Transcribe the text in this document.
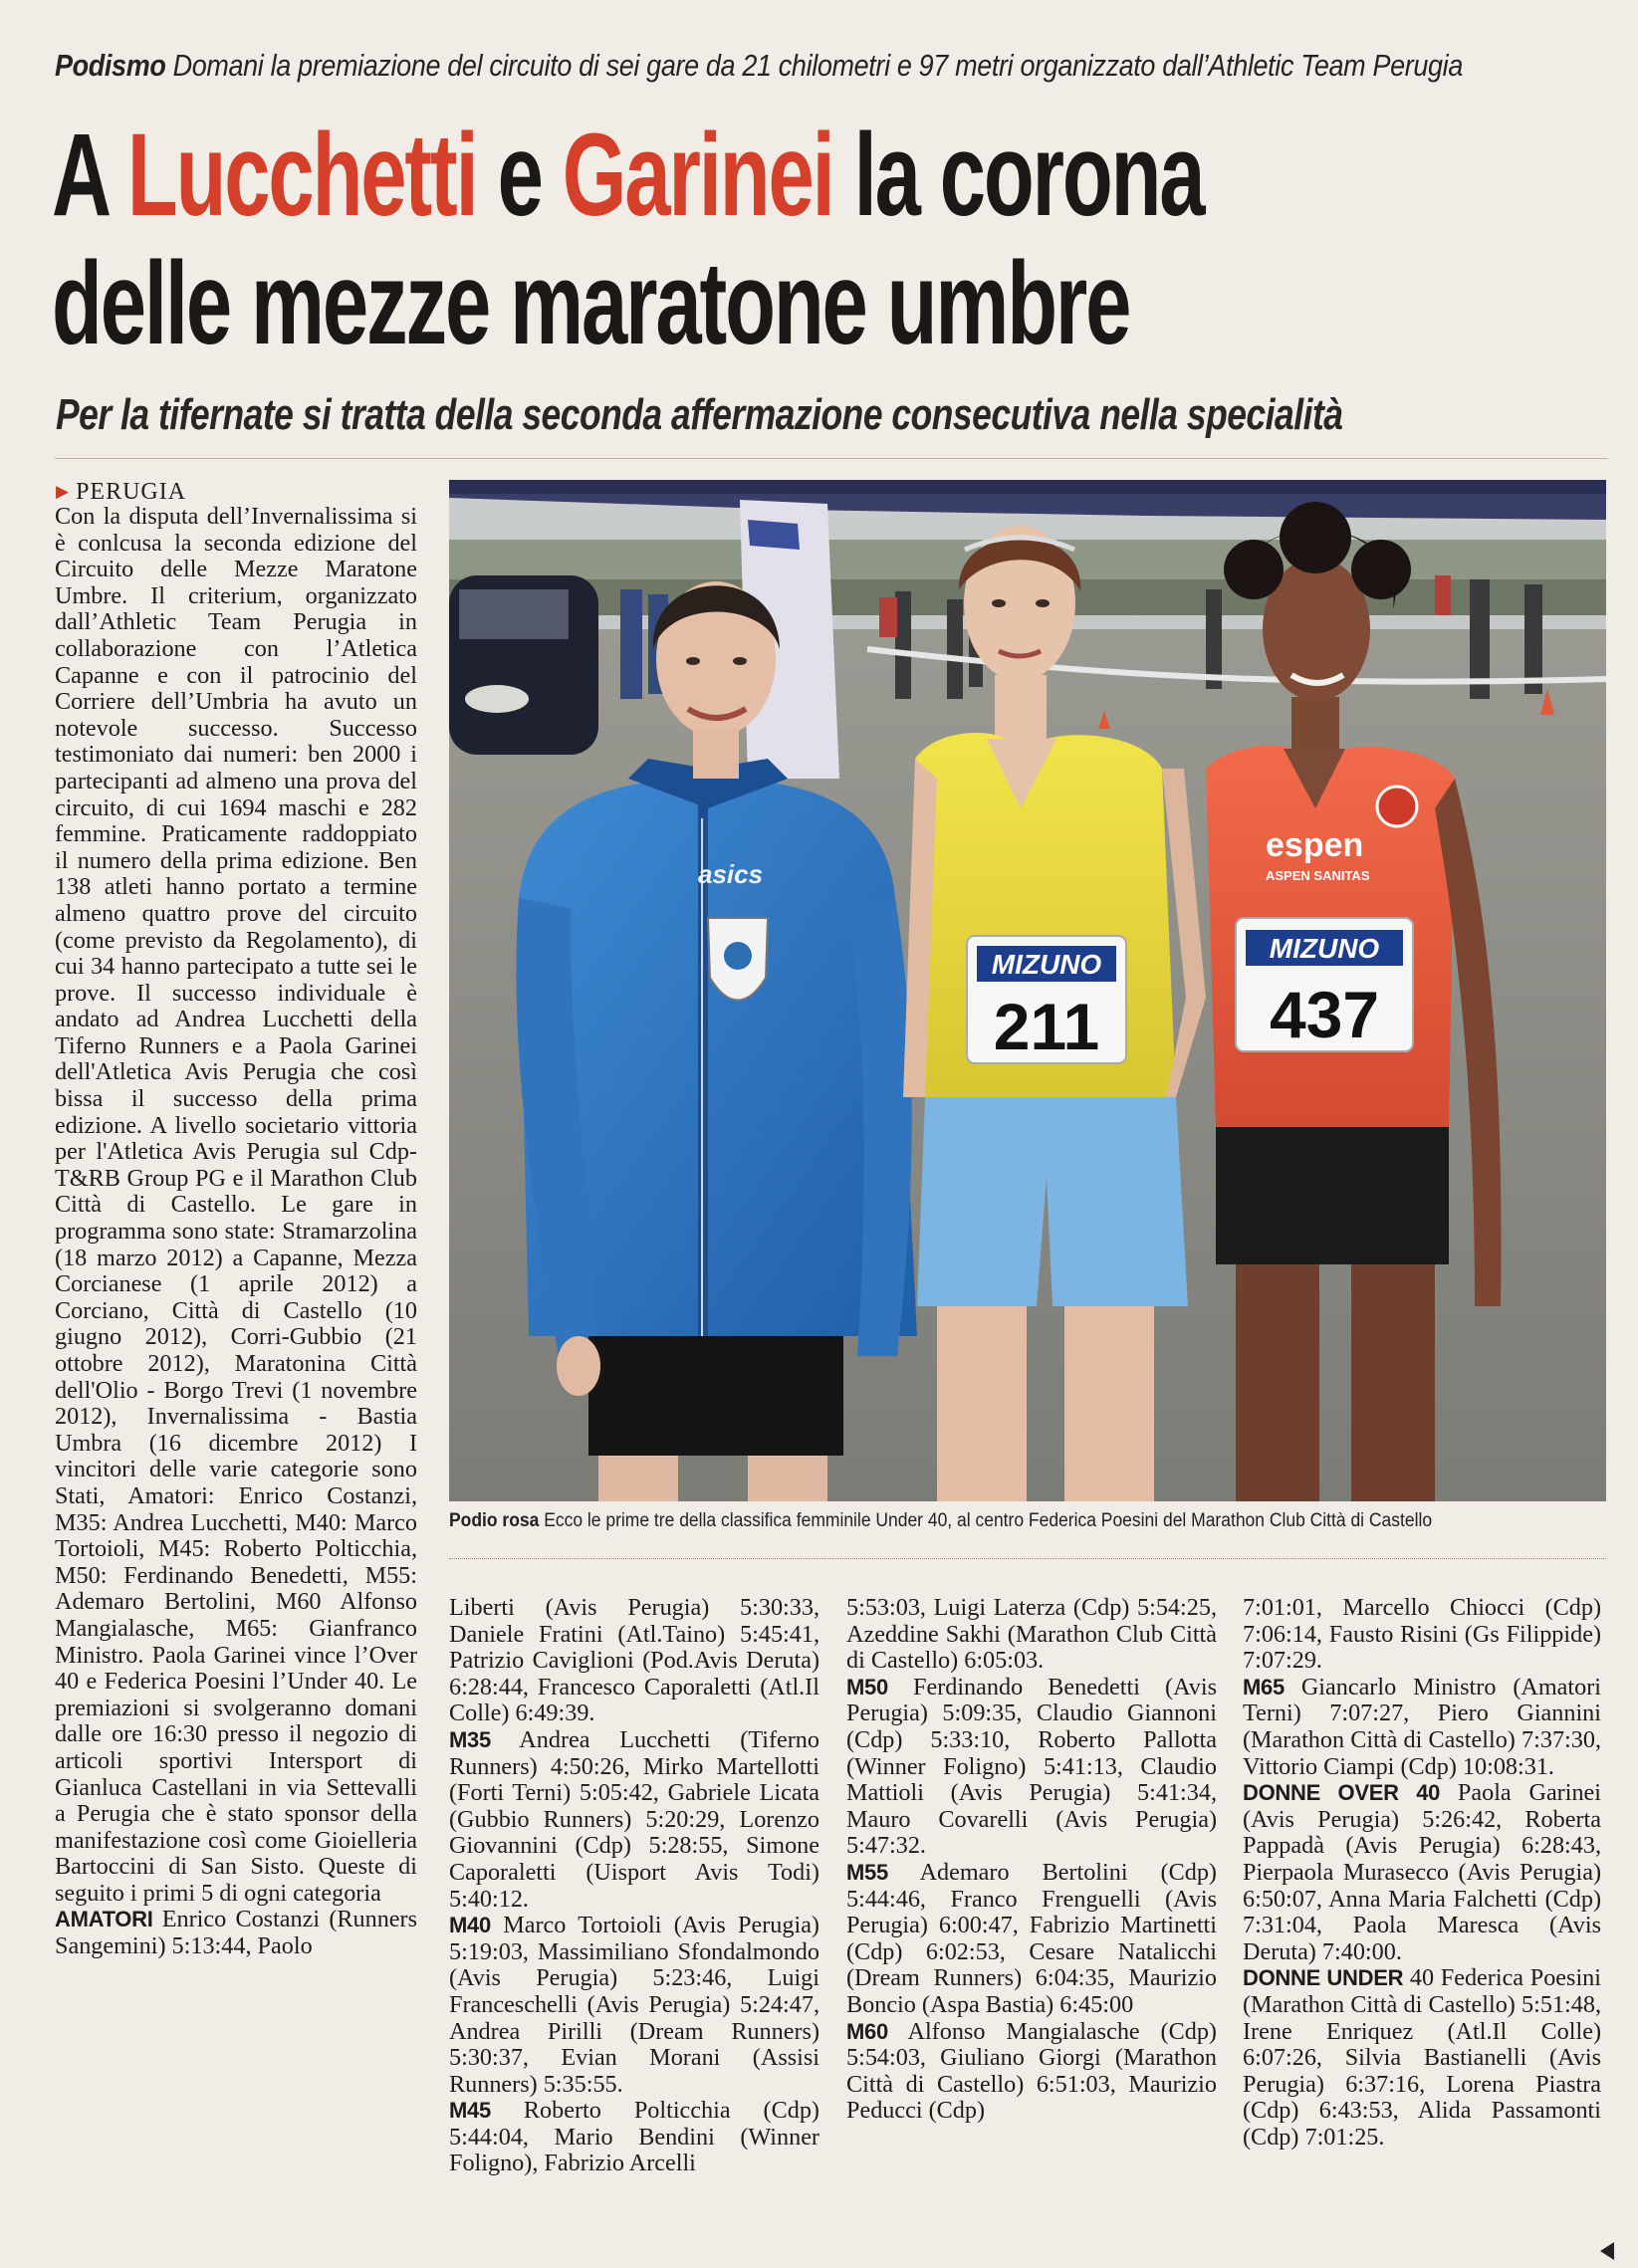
Podismo Domani la premiazione del circuito di sei gare da 21 chilometri e 97 metri organizzato dall’Athletic Team Perugia
A Lucchetti e Garinei la corona
delle mezze maratone umbre
Per la tifernate si tratta della seconda affermazione consecutiva nella specialità
▶ PERUGIA

Con la disputa dell’Invernalissima si è conlcusa la seconda edizione del Circuito delle Mezze Maratone Umbre. Il criterium, organizzato dall’Athletic Team Perugia in collaborazione con l’Atletica Capanne e con il patrocinio del Corriere dell’Umbria ha avuto un notevole successo. Successo testimoniato dai numeri: ben 2000 i partecipanti ad almeno una prova del circuito, di cui 1694 maschi e 282 femmine. Praticamente raddoppiato il numero della prima edizione. Ben 138 atleti hanno portato a termine almeno quattro prove del circuito (come previsto da Regolamento), di cui 34 hanno partecipato a tutte sei le prove. Il successo individuale è andato ad Andrea Lucchetti della Tiferno Runners e a Paola Garinei dell'Atletica Avis Perugia che così bissa il successo della prima edizione. A livello societario vittoria per l'Atletica Avis Perugia sul Cdp-T&RB Group PG e il Marathon Club Città di Castello. Le gare in programma sono state: Stramarzolina (18 marzo 2012) a Capanne, Mezza Corcianese (1 aprile 2012) a Corciano, Città di Castello (10 giugno 2012), Corri-Gubbio (21 ottobre 2012), Maratonina Città dell'Olio - Borgo Trevi (1 novembre 2012), Invernalissima - Bastia Umbra (16 dicembre 2012) I vincitori delle varie categorie sono Stati, Amatori: Enrico Costanzi, M35: Andrea Lucchetti, M40: Marco Tortoioli, M45: Roberto Polticchia, M50: Ferdinando Benedetti, M55: Ademaro Bertolini, M60 Alfonso Mangialasche, M65: Gianfranco Ministro. Paola Garinei vince l’Over 40 e Federica Poesini l’Under 40. Le premiazioni si svolgeranno domani dalle ore 16:30 presso il negozio di articoli sportivi Intersport di Gianluca Castellani in via Settevalli a Perugia che è stato sponsor della manifestazione così come Gioielleria Bartoccini di San Sisto. Queste di seguito i primi 5 di ogni categoria

AMATORI Enrico Costanzi (Runners Sangemini) 5:13:44, Paolo

asics
MIZUNO
211
espen
ASPEN SANITAS
MIZUNO
437
Podio rosa Ecco le prime tre della classifica femminile Under 40, al centro Federica Poesini del Marathon Club Città di Castello

Liberti (Avis Perugia) 5:30:33, Daniele Fratini (Atl.Taino) 5:45:41, Patrizio Caviglioni (Pod.Avis Deruta) 6:28:44, Francesco Caporaletti (Atl.Il Colle) 6:49:39.

M35 Andrea Lucchetti (Tiferno Runners) 4:50:26, Mirko Martellotti (Forti Terni) 5:05:42, Gabriele Licata (Gubbio Runners) 5:20:29, Lorenzo Giovannini (Cdp) 5:28:55, Simone Caporaletti (Uisport Avis Todi) 5:40:12.

M40 Marco Tortoioli (Avis Perugia) 5:19:03, Massimiliano Sfondalmondo (Avis Perugia) 5:23:46, Luigi Franceschelli (Avis Perugia) 5:24:47, Andrea Pirilli (Dream Runners) 5:30:37, Evian Morani (Assisi Runners) 5:35:55.

M45 Roberto Polticchia (Cdp) 5:44:04, Mario Bendini (Winner Foligno), Fabrizio Arcelli

5:53:03, Luigi Laterza (Cdp) 5:54:25, Azeddine Sakhi (Marathon Club Città di Castello) 6:05:03.

M50 Ferdinando Benedetti (Avis Perugia) 5:09:35, Claudio Giannoni (Cdp) 5:33:10, Roberto Pallotta (Winner Foligno) 5:41:13, Claudio Mattioli (Avis Perugia) 5:41:34, Mauro Covarelli (Avis Perugia) 5:47:32.

M55 Ademaro Bertolini (Cdp) 5:44:46, Franco Frenguelli (Avis Perugia) 6:00:47, Fabrizio Martinetti (Cdp) 6:02:53, Cesare Natalicchi (Dream Runners) 6:04:35, Maurizio Boncio (Aspa Bastia) 6:45:00

M60 Alfonso Mangialasche (Cdp) 5:54:03, Giuliano Giorgi (Marathon Città di Castello) 6:51:03, Maurizio Peducci (Cdp)

7:01:01, Marcello Chiocci (Cdp) 7:06:14, Fausto Risini (Gs Filippide) 7:07:29.

M65 Giancarlo Ministro (Amatori Terni) 7:07:27, Piero Giannini (Marathon Città di Castello) 7:37:30, Vittorio Ciampi (Cdp) 10:08:31.

DONNE OVER 40 Paola Garinei (Avis Perugia) 5:26:42, Roberta Pappadà (Avis Perugia) 6:28:43, Pierpaola Murasecco (Avis Perugia) 6:50:07, Anna Maria Falchetti (Cdp) 7:31:04, Paola Maresca (Avis Deruta) 7:40:00.

DONNE UNDER 40 Federica Poesini (Marathon Città di Castello) 5:51:48, Irene Enriquez (Atl.Il Colle) 6:07:26, Silvia Bastianelli (Avis Perugia) 6:37:16, Lorena Piastra (Cdp) 6:43:53, Alida Passamonti (Cdp) 7:01:25.
